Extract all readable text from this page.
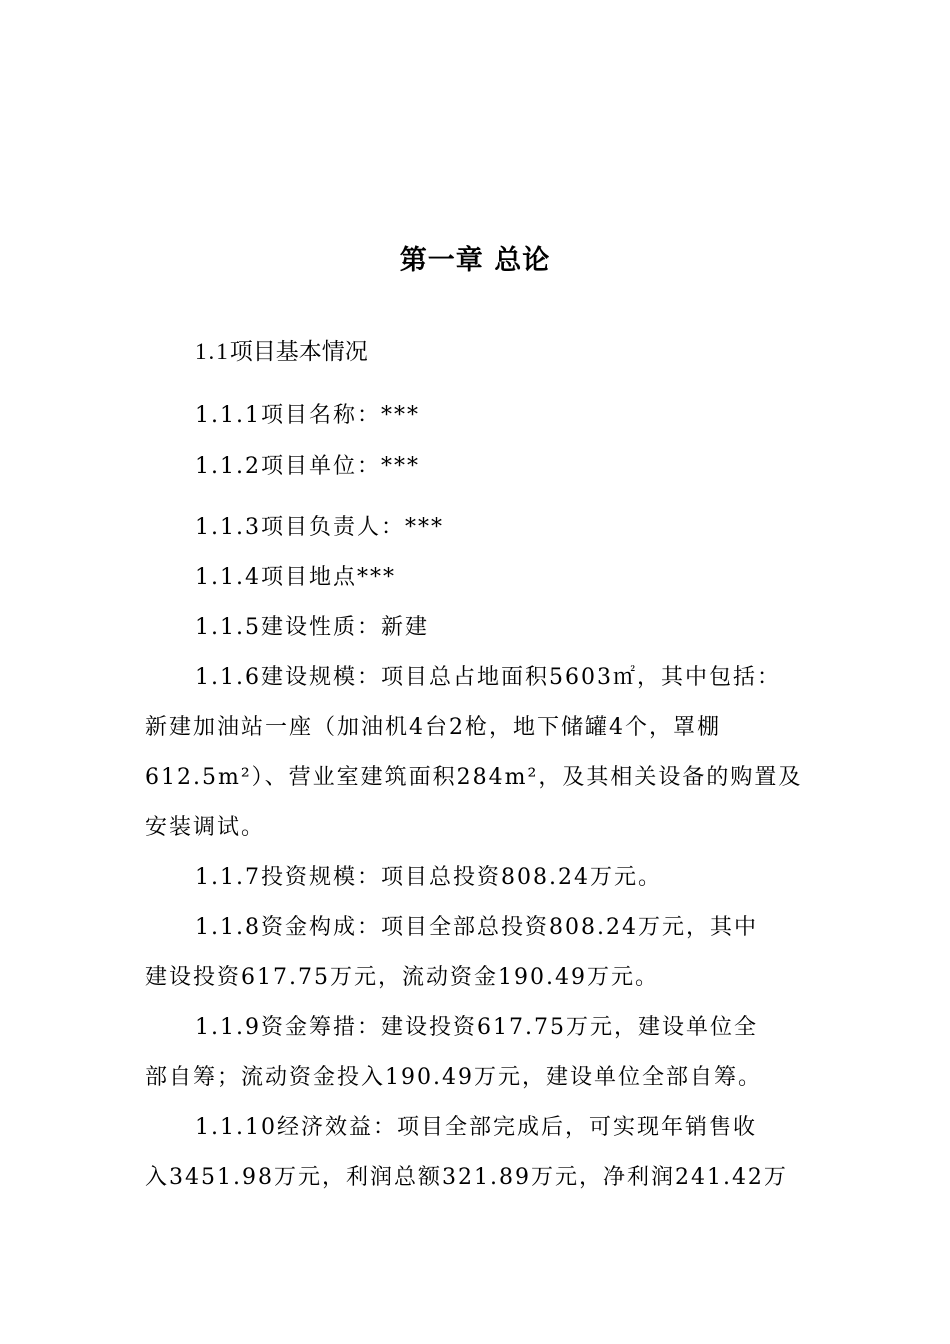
第一章 总论
1.1项目基本情况
1.1.1项目名称：***
1.1.2项目单位：***
1.1.3项目负责人：***
1.1.4项目地点***
1.1.5建设性质：新建
1.1.6建设规模：项目总占地面积5603㎡，其中包括：
新建加油站一座（加油机4台2枪，地下储罐4个，罩棚
612.5m²）、营业室建筑面积284m²，及其相关设备的购置及
安装调试。
1.1.7投资规模：项目总投资808.24万元。
1.1.8资金构成：项目全部总投资808.24万元，其中
建设投资617.75万元，流动资金190.49万元。
1.1.9资金筹措：建设投资617.75万元，建设单位全
部自筹；流动资金投入190.49万元，建设单位全部自筹。
1.1.10经济效益：项目全部完成后，可实现年销售收
入3451.98万元，利润总额321.89万元，净利润241.42万
